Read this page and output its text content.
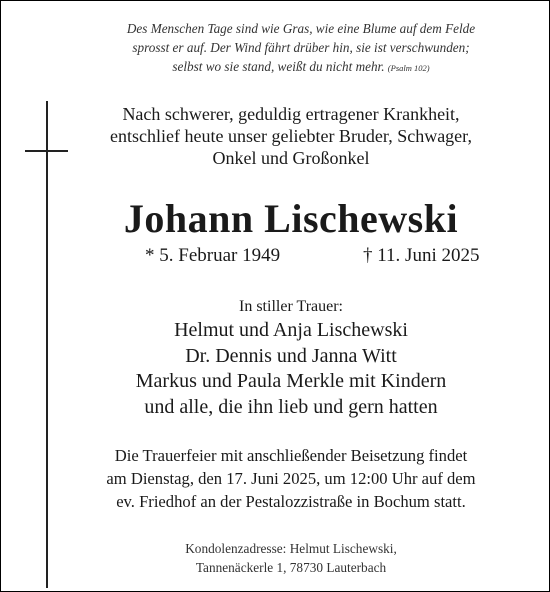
Des Menschen Tage sind wie Gras, wie eine Blume auf dem Felde
sprosst er auf. Der Wind fährt drüber hin, sie ist verschwunden;
selbst wo sie stand, weißt du nicht mehr. (Psalm 102)
Nach schwerer, geduldig ertragener Krankheit,
entschlief heute unser geliebter Bruder, Schwager,
Onkel und Großonkel
Johann Lischewski
* 5. Februar 1949	† 11. Juni 2025
In stiller Trauer:
Helmut und Anja Lischewski
Dr. Dennis und Janna Witt
Markus und Paula Merkle mit Kindern
und alle, die ihn lieb und gern hatten
Die Trauerfeier mit anschließender Beisetzung findet
am Dienstag, den 17. Juni 2025, um 12:00 Uhr auf dem
ev. Friedhof an der Pestalozzistraße in Bochum statt.
Kondolenzadresse: Helmut Lischewski,
Tannenäckerle 1, 78730 Lauterbach
